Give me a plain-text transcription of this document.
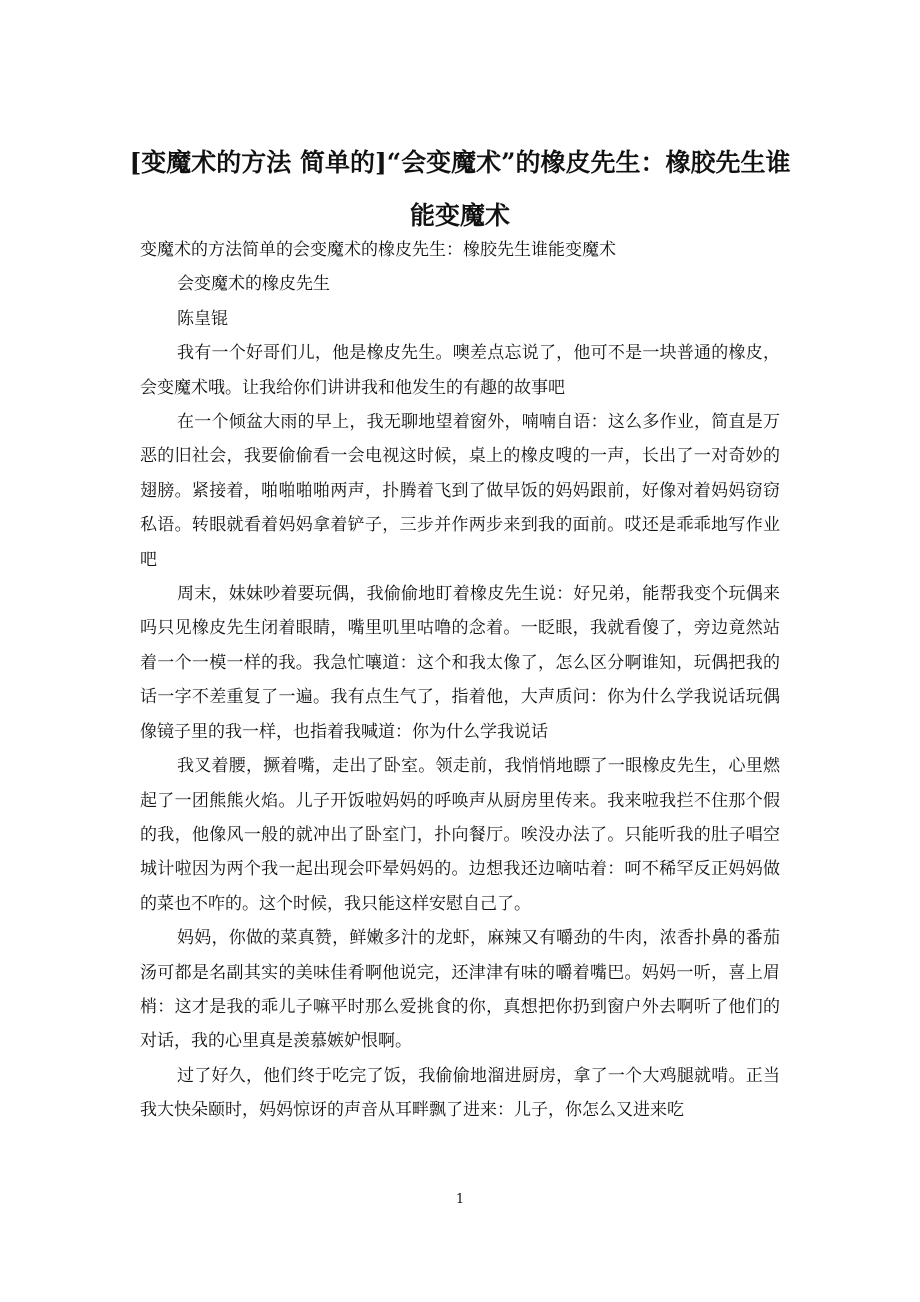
[变魔术的方法 简单的]“会变魔术”的橡皮先生：橡胶先生谁能变魔术

变魔术的方法简单的会变魔术的橡皮先生：橡胶先生谁能变魔术

会变魔术的橡皮先生

陈皇锟

我有一个好哥们儿，他是橡皮先生。噢差点忘说了，他可不是一块普通的橡皮，会变魔术哦。让我给你们讲讲我和他发生的有趣的故事吧

在一个倾盆大雨的早上，我无聊地望着窗外，喃喃自语：这么多作业，简直是万恶的旧社会，我要偷偷看一会电视这时候，桌上的橡皮嗖的一声，长出了一对奇妙的翅膀。紧接着，啪啪啪啪两声，扑腾着飞到了做早饭的妈妈跟前，好像对着妈妈窃窃私语。转眼就看着妈妈拿着铲子，三步并作两步来到我的面前。哎还是乖乖地写作业吧

周末，妹妹吵着要玩偶，我偷偷地盯着橡皮先生说：好兄弟，能帮我变个玩偶来吗只见橡皮先生闭着眼睛，嘴里叽里咕噜的念着。一眨眼，我就看傻了，旁边竟然站着一个一模一样的我。我急忙嚷道：这个和我太像了，怎么区分啊谁知，玩偶把我的话一字不差重复了一遍。我有点生气了，指着他，大声质问：你为什么学我说话玩偶像镜子里的我一样，也指着我喊道：你为什么学我说话

我叉着腰，撅着嘴，走出了卧室。领走前，我悄悄地瞟了一眼橡皮先生，心里燃起了一团熊熊火焰。儿子开饭啦妈妈的呼唤声从厨房里传来。我来啦我拦不住那个假的我，他像风一般的就冲出了卧室门，扑向餐厅。唉没办法了。只能听我的肚子唱空城计啦因为两个我一起出现会吓晕妈妈的。边想我还边嘀咕着：呵不稀罕反正妈妈做的菜也不咋的。这个时候，我只能这样安慰自己了。

妈妈，你做的菜真赞，鲜嫩多汁的龙虾，麻辣又有嚼劲的牛肉，浓香扑鼻的番茄汤可都是名副其实的美味佳肴啊他说完，还津津有味的嚼着嘴巴。妈妈一听，喜上眉梢：这才是我的乖儿子嘛平时那么爱挑食的你，真想把你扔到窗户外去啊听了他们的对话，我的心里真是羡慕嫉妒恨啊。

过了好久，他们终于吃完了饭，我偷偷地溜进厨房，拿了一个大鸡腿就啃。正当我大快朵颐时，妈妈惊讶的声音从耳畔飘了进来：儿子，你怎么又进来吃

1
